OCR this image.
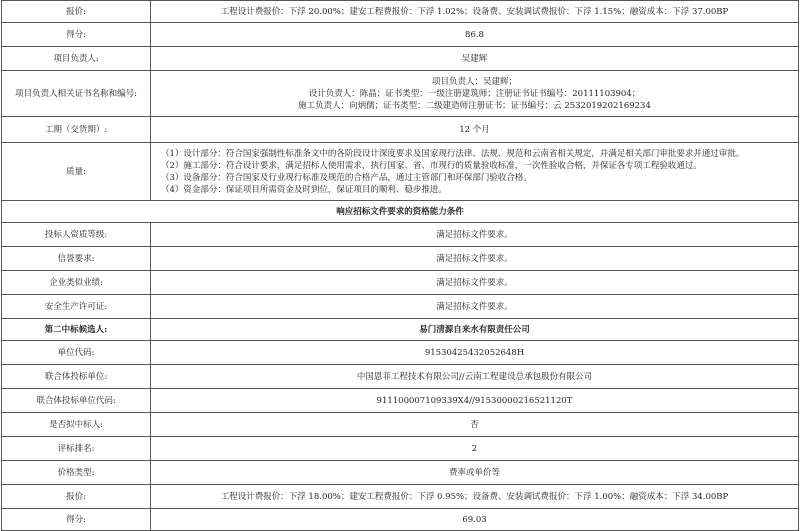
报价:	工程设计费报价：下浮 20.00%；建安工程费报价：下浮 1.02%；设备费、安装调试费报价：下浮 1.15%；融资成本：下浮 37.00BP
得分:	86.8
项目负责人:	吴建辉
项目负责人相关证书名称和编号:	项目负责人：吴建辉；
设计负责人：陈晶；证书类型：一级注册建筑师；注册证书证书编号：20111103904；
施工负责人：向炳儒；证书类型：二级建造师注册证书；证书编号：云 2532019202169234

工期（交货期）:	12 个月
质量:	（1）设计部分：符合国家强制性标准条文中的各阶段设计深度要求及国家现行法律、法规、规范和云南省相关规定，并满足相关部门审批要求并通过审批。
（2）施工部分：符合设计要求，满足招标人使用需求，执行国家、省、市现行的质量验收标准，一次性验收合格，并保证各专项工程验收通过。
（3）设备部分：符合国家及行业现行标准及规范的合格产品，通过主管部门和环保部门验收合格。
（4）资金部分：保证项目所需资金及时到位，保证项目的顺利、稳步推进。

响应招标文件要求的资格能力条件	
投标人资质等级:	满足招标文件要求。
信誉要求:	满足招标文件要求。
企业类似业绩:	满足招标文件要求。
安全生产许可证:	满足招标文件要求。
第二中标候选人:	易门清源自来水有限责任公司
单位代码:	91530425432052648H
联合体投标单位:	中国恩菲工程技术有限公司//云南工程建设总承包股份有限公司
联合体投标单位代码:	911100007109339X4//91530000216521120T
是否拟中标人:	否
评标排名:	2
价格类型:	费率或单价等
报价:	工程设计费报价：下浮 18.00%；建安工程费报价：下浮 0.95%；设备费、安装调试费报价：下浮 1.00%；融资成本：下浮 34.00BP
得分:	69.03
